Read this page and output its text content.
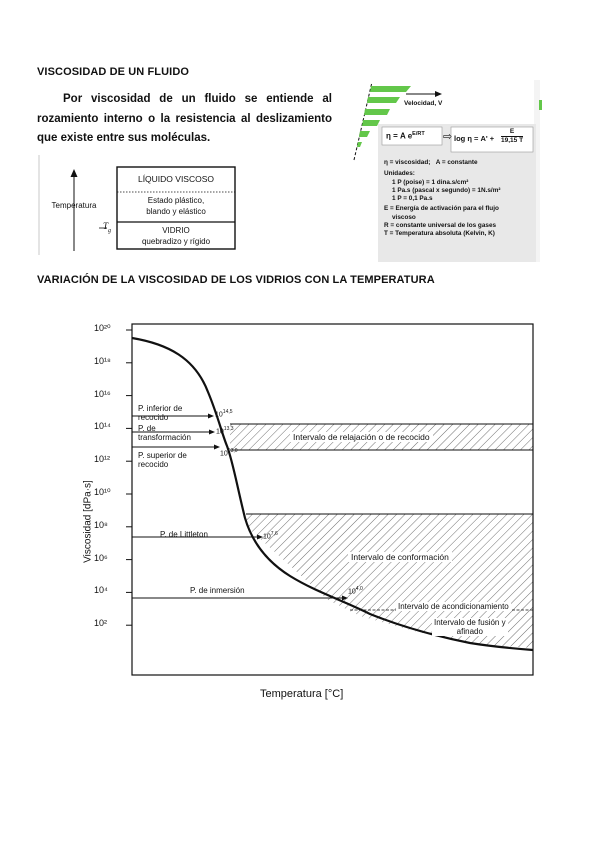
VISCOSIDAD DE UN FLUIDO
Por viscosidad de un fluido se entiende al rozamiento interno o la resistencia al deslizamiento que existe entre sus moléculas.
Temperatura
$T_g$
LÍQUIDO VISCOSO
Estado plástico,
blando y elástico
VIDRIO
quebradizo y rígido
Velocidad, V
η = A $e^{E/RT}$ ⇨ log η = A' +
E
19,15 T
η = viscosidad; A = constante
Unidades:
1 P (poise) = 1 dina.s/cm²
1 Pa.s (pascal x segundo) = 1N.s/m²
1 P = 0,1 Pa.s
E = Energía de activación para el flujo
viscoso
R = constante universal de los gases
T = Temperatura absoluta (Kelvin, K)
VARIACIÓN DE LA VISCOSIDAD DE LOS VIDRIOS CON LA TEMPERATURA
10²⁰
10¹⁸
10¹⁶
10¹⁴
10¹²
10¹⁰
10⁸
10⁶
10⁴
10²
Viscosidad [dPa·s]
Temperatura [°C]
P. inferior de
recocido
P. de
transformación
P. superior de
recocido
P. de Littleton
P. de inmersión
10$^{14,5}$
10$^{13,3}$
10$^{13,0}$
10$^{7,6}$
10$^{4,0}$
Intervalo de relajación o de recocido
Intervalo de conformación
Intervalo de acondicionamiento
Intervalo de fusión y
afinado
